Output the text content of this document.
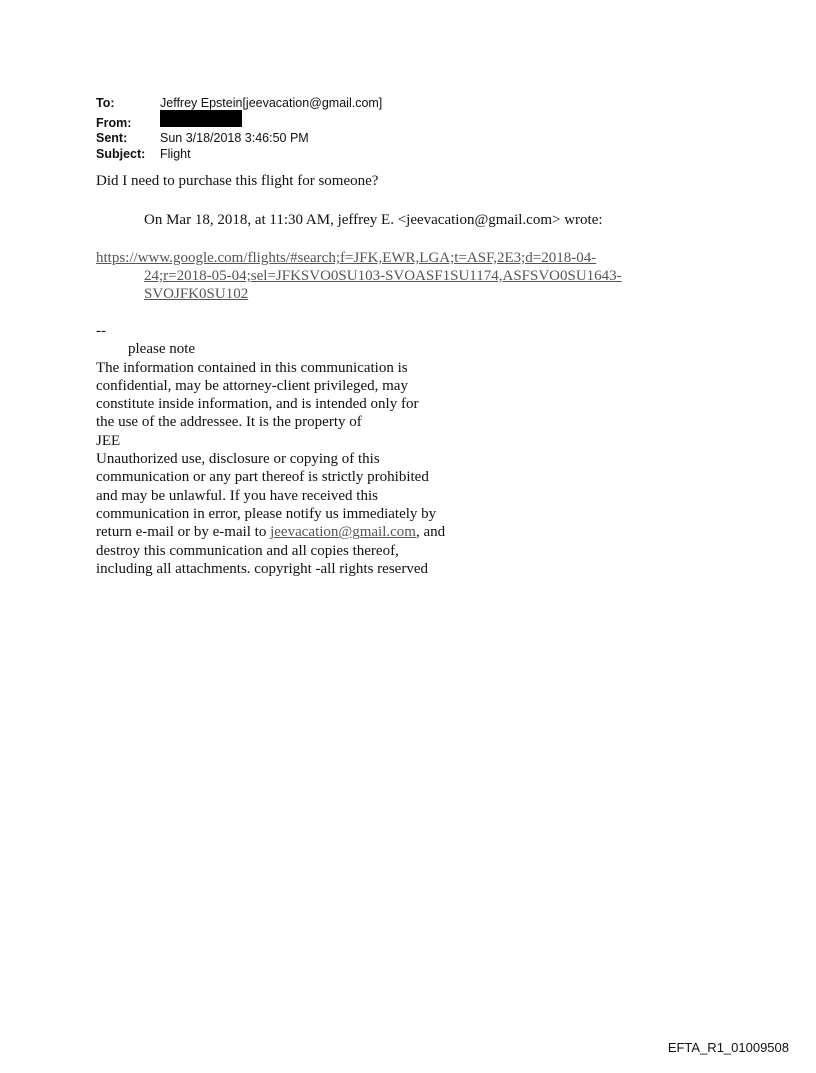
To:	Jeffrey Epstein[jeevacation@gmail.com]
From:
Sent:	Sun 3/18/2018 3:46:50 PM
Subject:	Flight
Did I need to purchase this flight for someone?
On Mar 18, 2018, at 11:30 AM, jeffrey E. <jeevacation@gmail.com> wrote:
https://www.google.com/flights/#search;f=JFK,EWR,LGA;t=ASF,2E3;d=2018-04-
24;r=2018-05-04;sel=JFKSVO0SU103-SVOASF1SU1174,ASFSVO0SU1643-
SVOJFK0SU102
--
please note
The information contained in this communication is
confidential, may be attorney-client privileged, may
constitute inside information, and is intended only for
the use of the addressee. It is the property of
JEE
Unauthorized use, disclosure or copying of this
communication or any part thereof is strictly prohibited
and may be unlawful. If you have received this
communication in error, please notify us immediately by
return e-mail or by e-mail to jeevacation@gmail.com, and
destroy this communication and all copies thereof,
including all attachments. copyright -all rights reserved
EFTA_R1_01009508
